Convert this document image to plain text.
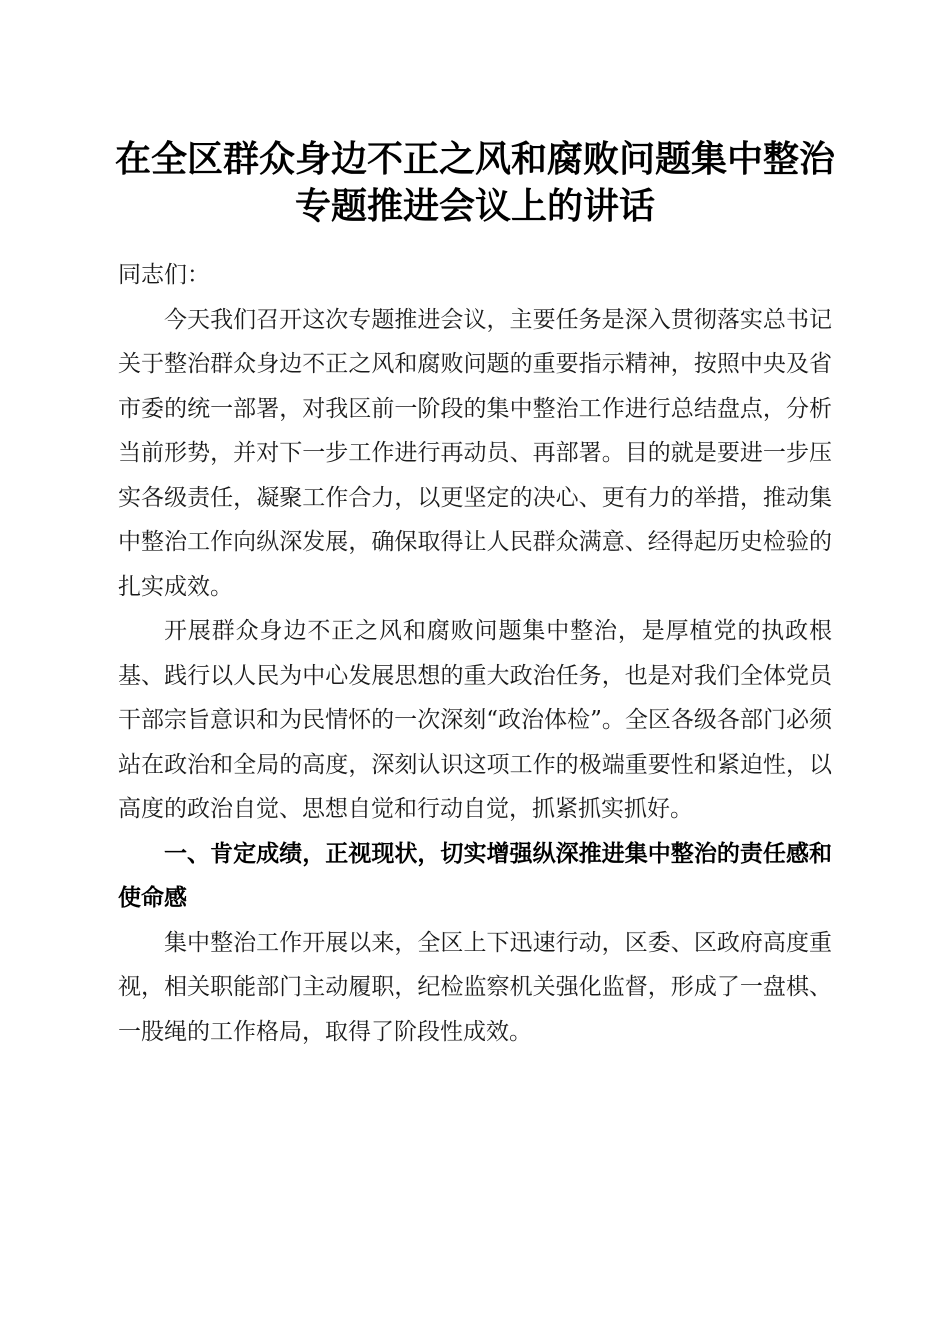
在全区群众身边不正之风和腐败问题集中整治
专题推进会议上的讲话

同志们：

今天我们召开这次专题推进会议，主要任务是深入贯彻落实总书记关于整治群众身边不正之风和腐败问题的重要指示精神，按照中央及省市委的统一部署，对我区前一阶段的集中整治工作进行总结盘点，分析当前形势，并对下一步工作进行再动员、再部署。目的就是要进一步压实各级责任，凝聚工作合力，以更坚定的决心、更有力的举措，推动集中整治工作向纵深发展，确保取得让人民群众满意、经得起历史检验的扎实成效。

开展群众身边不正之风和腐败问题集中整治，是厚植党的执政根基、践行以人民为中心发展思想的重大政治任务，也是对我们全体党员干部宗旨意识和为民情怀的一次深刻“政治体检”。全区各级各部门必须站在政治和全局的高度，深刻认识这项工作的极端重要性和紧迫性，以高度的政治自觉、思想自觉和行动自觉，抓紧抓实抓好。

一、肯定成绩，正视现状，切实增强纵深推进集中整治的责任感和使命感

集中整治工作开展以来，全区上下迅速行动，区委、区政府高度重视，相关职能部门主动履职，纪检监察机关强化监督，形成了一盘棋、一股绳的工作格局，取得了阶段性成效。
